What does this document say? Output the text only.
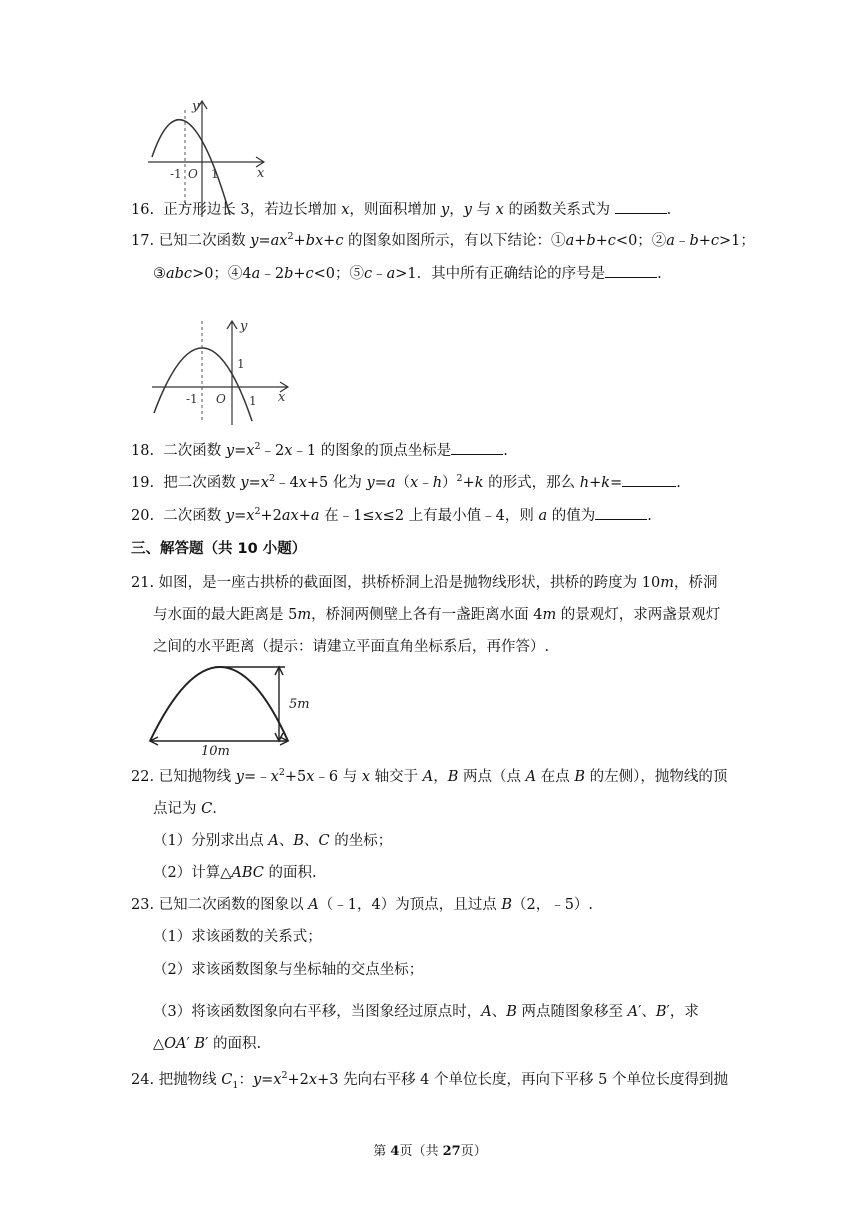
y
x
-1 O 1
16. 正方形边长 3，若边长增加 x，则面积增加 y，y 与 x 的函数关系式为	.
17. 已知二次函数 $y=ax^2+bx+c$ 的图象如图所示，有以下结论：①a+b+c<0；②a﹣b+c>1；
③abc>0；④4a﹣2b+c<0；⑤c﹣a>1．其中所有正确结论的序号是	.
y
x
1
-1 O 1
18. 二次函数 $y=x^2﹣2x﹣1$ 的图象的顶点坐标是	.
19. 把二次函数 $y=x^2﹣4x+5$ 化为 y=a（x﹣h）$^2$+k 的形式，那么 h+k=	.
20. 二次函数 $y=x^2+2ax+a$ 在﹣1≤x≤2 上有最小值﹣4，则 a 的值为	.
三、解答题（共 10 小题）
21. 如图，是一座古拱桥的截面图，拱桥桥洞上沿是抛物线形状，拱桥的跨度为 10m，桥洞
与水面的最大距离是 5m，桥洞两侧壁上各有一盏距离水面 4m 的景观灯，求两盏景观灯
之间的水平距离（提示：请建立平面直角坐标系后，再作答）.
5m
10m
22. 已知抛物线 $y=﹣x^2+5x﹣6$ 与 x 轴交于 A，B 两点（点 A 在点 B 的左侧），抛物线的顶
点记为 C.
（1）分别求出点 A、B、C 的坐标；
（2）计算△ABC 的面积.
23. 已知二次函数的图象以 A（﹣1，4）为顶点，且过点 B（2，﹣5）.
（1）求该函数的关系式；
（2）求该函数图象与坐标轴的交点坐标；
（3）将该函数图象向右平移，当图象经过原点时，A、B 两点随图象移至 A′、B′，求
△OA′ B′ 的面积.
24. 把抛物线 $C_1$：$y=x^2+2x+3$ 先向右平移 4 个单位长度，再向下平移 5 个单位长度得到抛
第 4页（共 27页）
